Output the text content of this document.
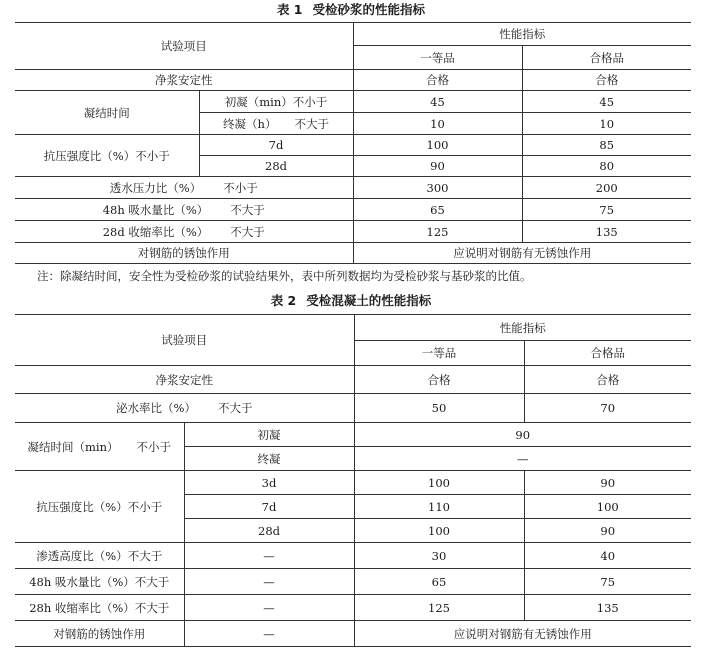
表 1 受检砂浆的性能指标
试验项目		性能指标	
		一等品	合格品
净浆安定性		合格	合格
凝结时间	初凝（min）不小于	45	45
	终凝（h） 不大于	10	10
抗压强度比（%）不小于	7d	100	85
	28d	90	80
透水压力比（%） 不小于		300	200
48h 吸水量比（%） 不大于		65	75
28d 收缩率比（%） 不大于		125	135
对钢筋的锈蚀作用		应说明对钢筋有无锈蚀作用	
注：除凝结时间，安全性为受检砂浆的试验结果外，表中所列数据均为受检砂浆与基砂浆的比值。
表 2 受检混凝土的性能指标
试验项目		性能指标	
		一等品	合格品
净浆安定性		合格	合格
泌水率比（%） 不大于		50	70
凝结时间（min） 不小于	初凝	90	
	终凝	—	
抗压强度比（%）不小于	3d	100	90
	7d	110	100
	28d	100	90
渗透高度比（%）不大于	—	30	40
48h 吸水量比（%）不大于	—	65	75
28h 收缩率比（%）不大于	—	125	135
对钢筋的锈蚀作用	—	应说明对钢筋有无锈蚀作用	
